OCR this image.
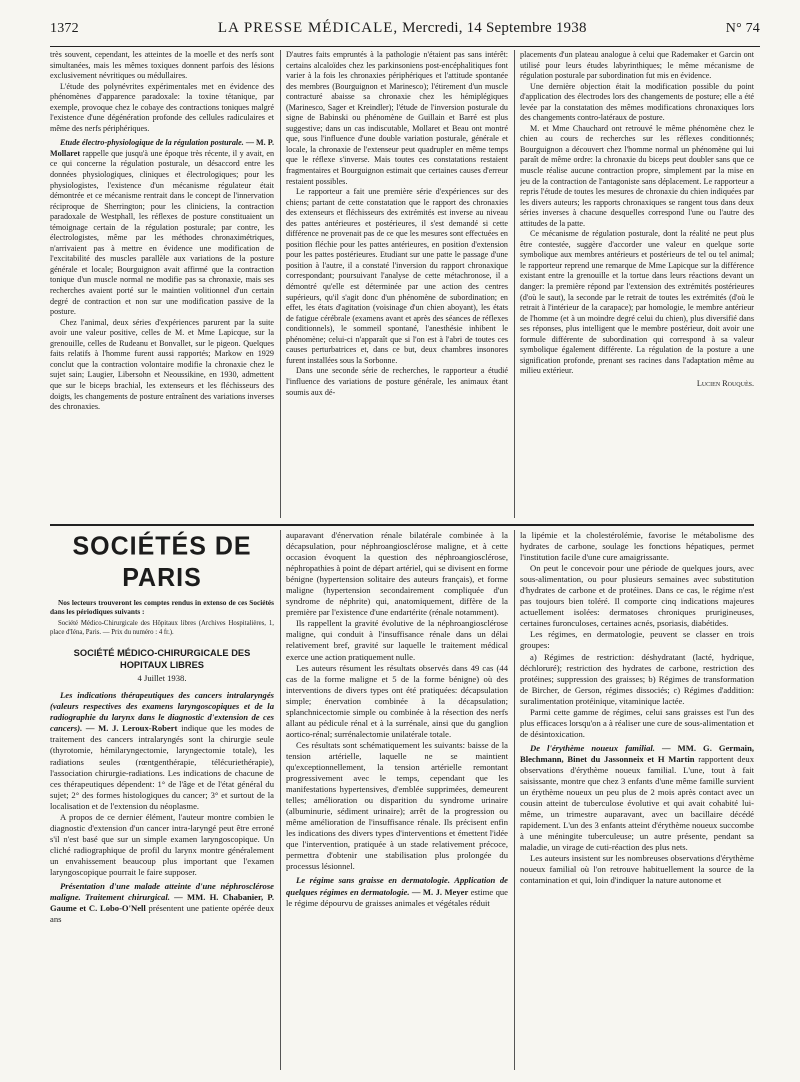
1372	LA PRESSE MÉDICALE, Mercredi, 14 Septembre 1938	N° 74

très souvent, cependant, les atteintes de la moelle et des nerfs sont simultanées, mais les mêmes toxiques donnent parfois des lésions exclusivement névritiques ou médullaires.

L'étude des polynévrites expérimentales met en évidence des phénomènes d'apparence paradoxale: la toxine tétanique, par exemple, provoque chez le cobaye des contractions toniques malgré l'existence d'une dégénération profonde des cellules radiculaires et même des nerfs périphériques.

Etude électro-physiologique de la régulation posturale. — M. P. Mollaret rappelle que jusqu'à une époque très récente, il y avait, en ce qui concerne la régulation posturale, un désaccord entre les données physiologiques, cliniques et électrologiques; pour les physiologistes, l'existence d'un mécanisme régulateur était démontrée et ce mécanisme rentrait dans le concept de l'innervation réciproque de Sherrington; pour les cliniciens, la contraction paradoxale de Westphall, les réflexes de posture constituaient un témoignage certain de la régulation posturale; par contre, les électrologistes, même par les méthodes chronaximétriques, n'arrivaient pas à mettre en évidence une modification de l'excitabilité des muscles parallèle aux variations de la posture générale et locale; Bourguignon avait affirmé que la contraction tonique d'un muscle normal ne modifie pas sa chronaxie, mais ses recherches avaient porté sur le maintien volitionnel d'un certain degré de contraction et non sur une modification passive de la posture.

Chez l'animal, deux séries d'expériences parurent par la suite avoir une valeur positive, celles de M. et Mme Lapicque, sur la grenouille, celles de Rudeanu et Bonvallet, sur le pigeon. Quelques faits relatifs à l'homme furent aussi rapportés; Markow en 1929 conclut que la contraction volontaire modifie la chronaxie chez le sujet sain; Laugier, Libersohn et Neoussikine, en 1930, admettent que sur le biceps brachial, les extenseurs et les fléchisseurs des doigts, les changements de posture entraînent des variations inverses des chronaxies.

D'autres faits empruntés à la pathologie n'étaient pas sans intérêt: certains alcaloïdes chez les parkinsoniens post-encéphalitiques font varier à la fois les chronaxies périphériques et l'attitude spontanée des membres (Bourguignon et Marinesco); l'étirement d'un muscle contracturé abaisse sa chronaxie chez les hémiplégiques (Marinesco, Sager et Kreindler); l'étude de l'inversion posturale du signe de Babinski ou phénomène de Guillain et Barré est plus suggestive; dans un cas indiscutable, Mollaret et Beau ont montré que, sous l'influence d'une double variation posturale, générale et locale, la chronaxie de l'extenseur peut quadrupler en même temps que le réflexe s'inverse. Mais toutes ces constatations restaient fragmentaires et Bourguignon estimait que certaines causes d'erreur restaient possibles.

Le rapporteur a fait une première série d'expériences sur des chiens; partant de cette constatation que le rapport des chronaxies des extenseurs et fléchisseurs des extrémités est inverse au niveau des pattes antérieures et postérieures, il s'est demandé si cette différence ne provenait pas de ce que les mesures sont effectuées en position fléchie pour les pattes antérieures, en position d'extension pour les pattes postérieures. Etudiant sur une patte le passage d'une position à l'autre, il a constaté l'inversion du rapport chronaxique correspondant; poursuivant l'analyse de cette métachronose, il a démontré qu'elle est déterminée par une action des centres supérieurs, qu'il s'agit donc d'un phénomène de subordination; en effet, les états d'agitation (voisinage d'un chien aboyant), les états de fatigue cérébrale (examens avant et après des séances de réflexes conditionnels), le sommeil spontané, l'anesthésie inhibent le phénomène; celui-ci n'apparaît que si l'on est à l'abri de toutes ces causes perturbatrices et, dans ce but, deux chambres insonores furent installées sous la Sorbonne.

Dans une seconde série de recherches, le rapporteur a étudié l'influence des variations de posture générale, les animaux étant soumis aux dé-

placements d'un plateau analogue à celui que Rademaker et Garcin ont utilisé pour leurs études labyrinthiques; le même mécanisme de régulation posturale par subordination fut mis en évidence.

Une dernière objection était la modification possible du point d'application des électrodes lors des changements de posture; elle a été levée par la constatation des mêmes modifications chronaxiques lors des changements contro-latéraux de posture.

M. et Mme Chauchard ont retrouvé le même phénomène chez le chien au cours de recherches sur les réflexes conditionnés; Bourguignon a découvert chez l'homme normal un phénomène qui lui paraît de même ordre: la chronaxie du biceps peut doubler sans que ce muscle réalise aucune contraction propre, simplement par la mise en jeu de la contraction de l'antagoniste sans déplacement. Le rapporteur a repris l'étude de toutes les mesures de chronaxie du chien indiquées par les divers auteurs; les rapports chronaxiques se rangent tous dans deux séries inverses à chacune desquelles correspond l'une ou l'autre des attitudes de la patte.

Ce mécanisme de régulation posturale, dont la réalité ne peut plus être contestée, suggère d'accorder une valeur en quelque sorte symbolique aux membres antérieurs et postérieurs de tel ou tel animal; le rapporteur reprend une remarque de Mme Lapicque sur la différence existant entre la grenouille et la tortue dans leurs réactions devant un danger: la première répond par l'extension des extrémités postérieures (d'où le saut), la seconde par le retrait de toutes les extrémités (d'où le retrait à l'intérieur de la carapace); par homologie, le membre antérieur de l'homme (et à un moindre degré celui du chien), plus diversifié dans ses réponses, plus intelligent que le membre postérieur, doit avoir une formule différente de subordination qui correspond à sa valeur symbolique également différente. La régulation de la posture a une signification profonde, prenant ses racines dans l'adaptation même au milieu extérieur.

Lucien Rouquès.
SOCIÉTÉS DE PARIS
Nos lecteurs trouveront les comptes rendus in extenso de ces Sociétés dans les périodiques suivants :
Société Médico-Chirurgicale des Hôpitaux libres (Archives Hospitalières, 1, place d'Iéna, Paris. — Prix du numéro : 4 fr.).
SOCIÉTÉ MÉDICO-CHIRURGICALE DES HOPITAUX LIBRES
4 Juillet 1938.

Les indications thérapeutiques des cancers intralaryngés (valeurs respectives des examens laryngoscopiques et de la radiographie du larynx dans le diagnostic d'extension de ces cancers). — M. J. Leroux-Robert indique que les modes de traitement des cancers intralaryngés sont la chirurgie seule (thyrotomie, hémilaryngectomie, laryngectomie totale), les radiations seules (rœntgenthérapie, télécuriethérapie), l'association chirurgie-radiations. Les indications de chacune de ces thérapeutiques dépendent: 1° de l'âge et de l'état général du sujet; 2° des formes histologiques du cancer; 3° et surtout de la localisation et de l'extension du néoplasme.

A propos de ce dernier élément, l'auteur montre combien le diagnostic d'extension d'un cancer intra-laryngé peut être erroné s'il n'est basé que sur un simple examen laryngoscopique. Un cliché radiographique de profil du larynx montre généralement un envahissement beaucoup plus important que l'examen laryngoscopique pourrait le faire supposer.

Présentation d'une malade atteinte d'une néphrosclérose maligne. Traitement chirurgical. — MM. H. Chabanier, P. Gaume et C. Lobo-O'Nell présentent une patiente opérée deux ans

auparavant d'énervation rénale bilatérale combinée à la décapsulation, pour néphroangiosclérose maligne, et à cette occasion évoquent la question des néphroangiosclérose, néphropathies à point de départ artériel, qui se divisent en forme bénigne (hypertension solitaire des auteurs français), et forme maligne (hypertension secondairement compliquée d'un syndrome de néphrite) qui, anatomiquement, diffère de la première par l'existence d'une endartérite (rénale notamment).

Ils rappellent la gravité évolutive de la néphroangiosclérose maligne, qui conduit à l'insuffisance rénale dans un délai relativement bref, gravité sur laquelle le traitement médical exerce une action pratiquement nulle.

Les auteurs résument les résultats observés dans 49 cas (44 cas de la forme maligne et 5 de la forme bénigne) où des interventions de divers types ont été pratiquées: décapsulation simple; énervation combinée à la décapsulation; splanchnicectomie simple ou combinée à la résection des nerfs allant au pédicule rénal et à la surrénale, ainsi que du ganglion aortico-rénal; surrénalectomie unilatérale totale.

Ces résultats sont schématiquement les suivants: baisse de la tension artérielle, laquelle ne se maintient qu'exceptionnellement, la tension artérielle remontant progressivement avec le temps, cependant que les manifestations hypertensives, d'emblée supprimées, demeurent telles; amélioration ou disparition du syndrome urinaire (albuminurie, sédiment urinaire); arrêt de la progression ou même amélioration de l'insuffisance rénale. Ils précisent enfin les indications des divers types d'interventions et émettent l'idée que l'intervention, pratiquée à un stade relativement précoce, permettra d'obtenir une stabilisation plus prolongée du processus lésionnel.

Le régime sans graisse en dermatologie. Application de quelques régimes en dermatologie. — M. J. Meyer estime que le régime dépourvu de graisses animales et végétales réduit

la lipémie et la cholestérolémie, favorise le métabolisme des hydrates de carbone, soulage les fonctions hépatiques, permet l'institution facile d'une cure amaigrissante.

On peut le concevoir pour une période de quelques jours, avec sous-alimentation, ou pour plusieurs semaines avec substitution d'hydrates de carbone et de protéines. Dans ce cas, le régime n'est pas toujours bien toléré. Il comporte cinq indications majeures actuellement isolées: dermatoses chroniques prurigineuses, certaines furonculoses, certaines acnés, psoriasis, diabétides.

Les régimes, en dermatologie, peuvent se classer en trois groupes:

a) Régimes de restriction: déshydratant (lacté, hydrique, déchloruré); restriction des hydrates de carbone, restriction des protéines; suppression des graisses; b) Régimes de transformation de Bircher, de Gerson, régimes dissociés; c) Régimes d'addition: suralimentation protéinique, vitaminique lactée.

Parmi cette gamme de régimes, celui sans graisses est l'un des plus efficaces lorsqu'on a à réaliser une cure de sous-alimentation et de désintoxication.

De l'érythème noueux familial. — MM. G. Germain, Blechmann, Binet du Jassonneix et H Martin rapportent deux observations d'érythème noueux familial. L'une, tout à fait saisissante, montre que chez 3 enfants d'une même famille survient un érythème noueux un peu plus de 2 mois après contact avec un cousin atteint de tuberculose évolutive et qui avait cohabité lui-même, un trimestre auparavant, avec un bacillaire décédé rapidement. L'un des 3 enfants atteint d'érythème noueux succombe à une méningite tuberculeuse; un autre présente, pendant sa maladie, un virage de cuti-réaction des plus nets.

Les auteurs insistent sur les nombreuses observations d'érythème noueux familial où l'on retrouve habituellement la source de la contamination et qui, loin d'indiquer la nature autonome et
